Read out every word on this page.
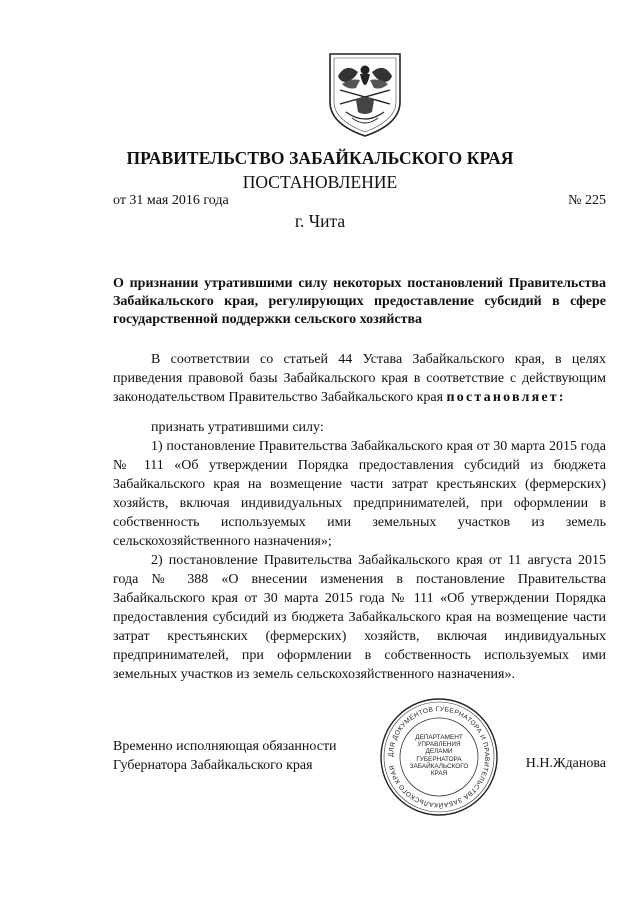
ПРАВИТЕЛЬСТВО ЗАБАЙКАЛЬСКОГО КРАЯ
ПОСТАНОВЛЕНИЕ
от 31 мая 2016 года	№ 225
г. Чита
О признании утратившими силу некоторых постановлений Правительства Забайкальского края, регулирующих предоставление субсидий в сфере государственной поддержки сельского хозяйства

В соответствии со статьей 44 Устава Забайкальского края, в целях приведения правовой базы Забайкальского края в соответствие с действующим законодательством Правительство Забайкальского края постановляет:

признать утратившими силу:

1) постановление Правительства Забайкальского края от 30 марта 2015 года № 111 «Об утверждении Порядка предоставления субсидий из бюджета Забайкальского края на возмещение части затрат крестьянских (фермерских) хозяйств, включая индивидуальных предпринимателей, при оформлении в собственность используемых ими земельных участков из земель сельскохозяйственного назначения»;

2) постановление Правительства Забайкальского края от 11 августа 2015 года № 388 «О внесении изменения в постановление Правительства Забайкальского края от 30 марта 2015 года № 111 «Об утверждении Порядка предоставления субсидий из бюджета Забайкальского края на возмещение части затрат крестьянских (фермерских) хозяйств, включая индивидуальных предпринимателей, при оформлении в собственность используемых ими земельных участков из земель сельскохозяйственного назначения».

Временно исполняющая обязанности
Губернатора Забайкальского края
ДЛЯ ДОКУМЕНТОВ ГУБЕРНАТОРА И ПРАВИТЕЛЬСТВА ЗАБАЙКАЛЬСКОГО КРАЯ
ДЕПАРТАМЕНТ
УПРАВЛЕНИЯ
ДЕЛАМИ
ГУБЕРНАТОРА
ЗАБАЙКАЛЬСКОГО
КРАЯ
Н.Н.Жданова
